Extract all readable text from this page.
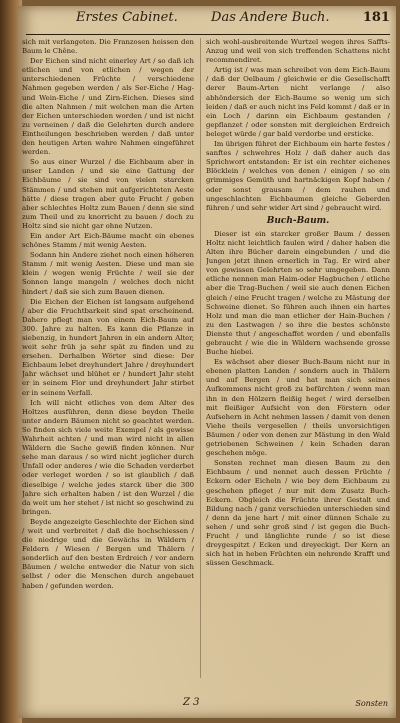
Erstes Cabinet.	Das Andere Buch.	181

sich mit verlangeten. Die Franzosen heissen den Baum le Chêne.

Der Eichen sind nicht einerley Art / so daß ich etlichen und von etlichen / wegen der unterschiedenen Früchte / verschiedene Nahmen gegeben werden / als Ser-Eiche / Hag- und Wein-Eiche / und Zirn-Eichen. Dieses sind die alten Nahmen / mit welchen man die Arten der Eichen unterschieden worden / und ist nicht zu verneinen / daß die Gelehrten durch andere Eintheilungen beschrieben werden / daß unter den heutigen Arten wahre Nahmen eingeführet werden.

So aus einer Wurzel / die Eichbaum aber in unser Landen / und sie eine Gattung der Eichbäume / sie sind von vielen starcken Stämmen / und stehen mit aufgerichteten Aeste hätte / diese tragen aber gute Frucht / geben aber schlechtes Holtz zum Bauen / denn sie sind zum Theil und zu knorricht zu bauen / doch zu Holtz sind sie nicht gar ohne Nutzen.

Ein ander Art Eich-Bäume macht ein ebenes schönes Stamm / mit wenig Aesten.

Sodann hin Andere ziehet noch einen höheren Stamm / mit wenig Aesten. Diese und man sie klein / wegen wenig Früchte / weil sie der Sonnen lange mangeln / welches doch nicht hindert / daß sie sich zum Bauen dienen.

Die Eichen der Eichen ist langsam aufgehend / aber die Fruchtbarkeit sind spat erscheinend. Dahero pflegt man von einem Eich-Baum auf 300. Jahre zu halten. Es kann die Pflanze in siebenzig, in hundert Jahren in ein andern Alter, weit sehr früh ja sehr spät zu finden und zu ersehen. Derhalben Wörter sind diese: Der Eichbaum lebet dreyhundert Jahre / dreyhundert Jahr wächset und blühet er / hundert Jahr steht er in seinem Flor und dreyhundert Jahr stirbet er in seinem Verfall.

Ich will nicht etliches von dem Alter des Holtzes ausführen, denn diese beyden Theile unter andern Bäumen nicht so geachtet werden. So finden sich viele weite Exempel / als gewisse Wahrheit achten / und man wird nicht in allen Wäldern die Sache gewiß finden können. Nur sehe man daraus / so wird nicht jeglicher durch Unfall oder anderes / wie die Schaden verderbet oder verleget worden / so ist glaublich / daß dieselbige / welche jedes starck über die 300 Jahre sich erhalten haben / ist den Wurzel / die da weit um her stehet / ist nicht so geschwind zu bringen.

Beyde angezeigte Geschlechte der Eichen sind / weit und verbreitet / daß die hochschiessen / die niedrige und die Gewächs in Wäldern / Feldern / Wiesen / Bergen und Thälern / sonderlich auf den besten Erdreich / vor andern Bäumen / welche entweder die Natur von sich selbst / oder die Menschen durch angebauet haben / gefunden werden.

sich wohl-ausbreitende Wurtzel wegen ihres Saffts-Anzug und weil von sich treffenden Schattens nicht recommendiret.

Artig ist / was man schreibet von dem Eich-Baum / daß der Oelbaum / gleichwie er die Gesellschafft derer Baum-Arten nicht verlange / also abhöndersich der Eich-Baume so wenig um sich leiden / daß er auch nicht ins Feld kommt / daß er in ein Loch / darinn ein Eichbaum gestanden / gepflanzet / oder sonsten mit dergleichen Erdreich beleget würde / gar bald verdorbe und ersticke.

Im übrigen führet der Eichbaum ein harte festes / sanftes / schwehres Holz / daß daher auch das Sprichwort entstanden: Er ist ein rechter eichenes Blöcklein / welches von denen / einigen / so ein grimmiges Gemüth und hartnäckigen Kopf haben / oder sonst grausam / dem rauhen und ungeschlachten Eichbaumen gleiche Geberden führen / und sehr wider Art sind / gebraucht wird.

Buch-Baum.

Dieser ist ein starcker großer Baum / dessen Holtz nicht leichtlich faulen wird / daher haben die Alten ihre Bücher darein eingebunden / und die Jungen jetzt ihnen ernerlich in Tag. Er wird aber von gewissen Gelehrten so sehr umgegeben. Dann etliche nennen man Haim-oder Hagbuchen / etliche aber die Trag-Buchen / weil sie auch denen Eichen gleich / eine Frucht tragen / welche zu Mästung der Schweine dienet. So führen auch ihnen ein hartes Holz und man die man etlicher der Hain-Buchen / zu den Lastwagen / so ihre die bestes schönste Dienste thut / angeschaffet worden / und ebenfalls gebraucht / wie die in Wäldern wachsende grosse Buche hiebei.

Es wächset aber dieser Buch-Baum nicht nur in ebenen platten Landen / sondern auch in Thälern und auf Bergen / und hat man sich seines Aufkommens nicht groß zu befürchten / wenn man ihn in den Hölzern fleißig heget / wird derselben mit fleißiger Aufsicht von den Förstern oder Aufsehern in Acht nehmen lassen / damit von denen Viehe theils vergesellen / theils unvorsichtigen Bäumen / oder von denen zur Mästung in den Wald getriebenen Schweinen / kein Schaden daran geschehen möge.

Sonsten rechnet man diesen Baum zu den Eichbaum / und nennet auch dessen Früchte / Eckern oder Eicheln / wie bey dem Eichbaum zu geschehen pfleget / nur mit dem Zusatz Buch-Eckern. Obgleich die Früchte ihrer Gestalt und Bildung nach / ganz verschieden unterschieden sind / denn da jene hart / mit einer dünnen Schale zu sehen / und sehr groß sind / ist gegen die Buch-Frucht / und länglichte runde / so ist diese dreygespitzt / Ecken und dreyeckigt. Der Kern an sich hat in heben Früchten ein nehrende Krafft und süssen Geschmack.

Z 3	Sonsten
